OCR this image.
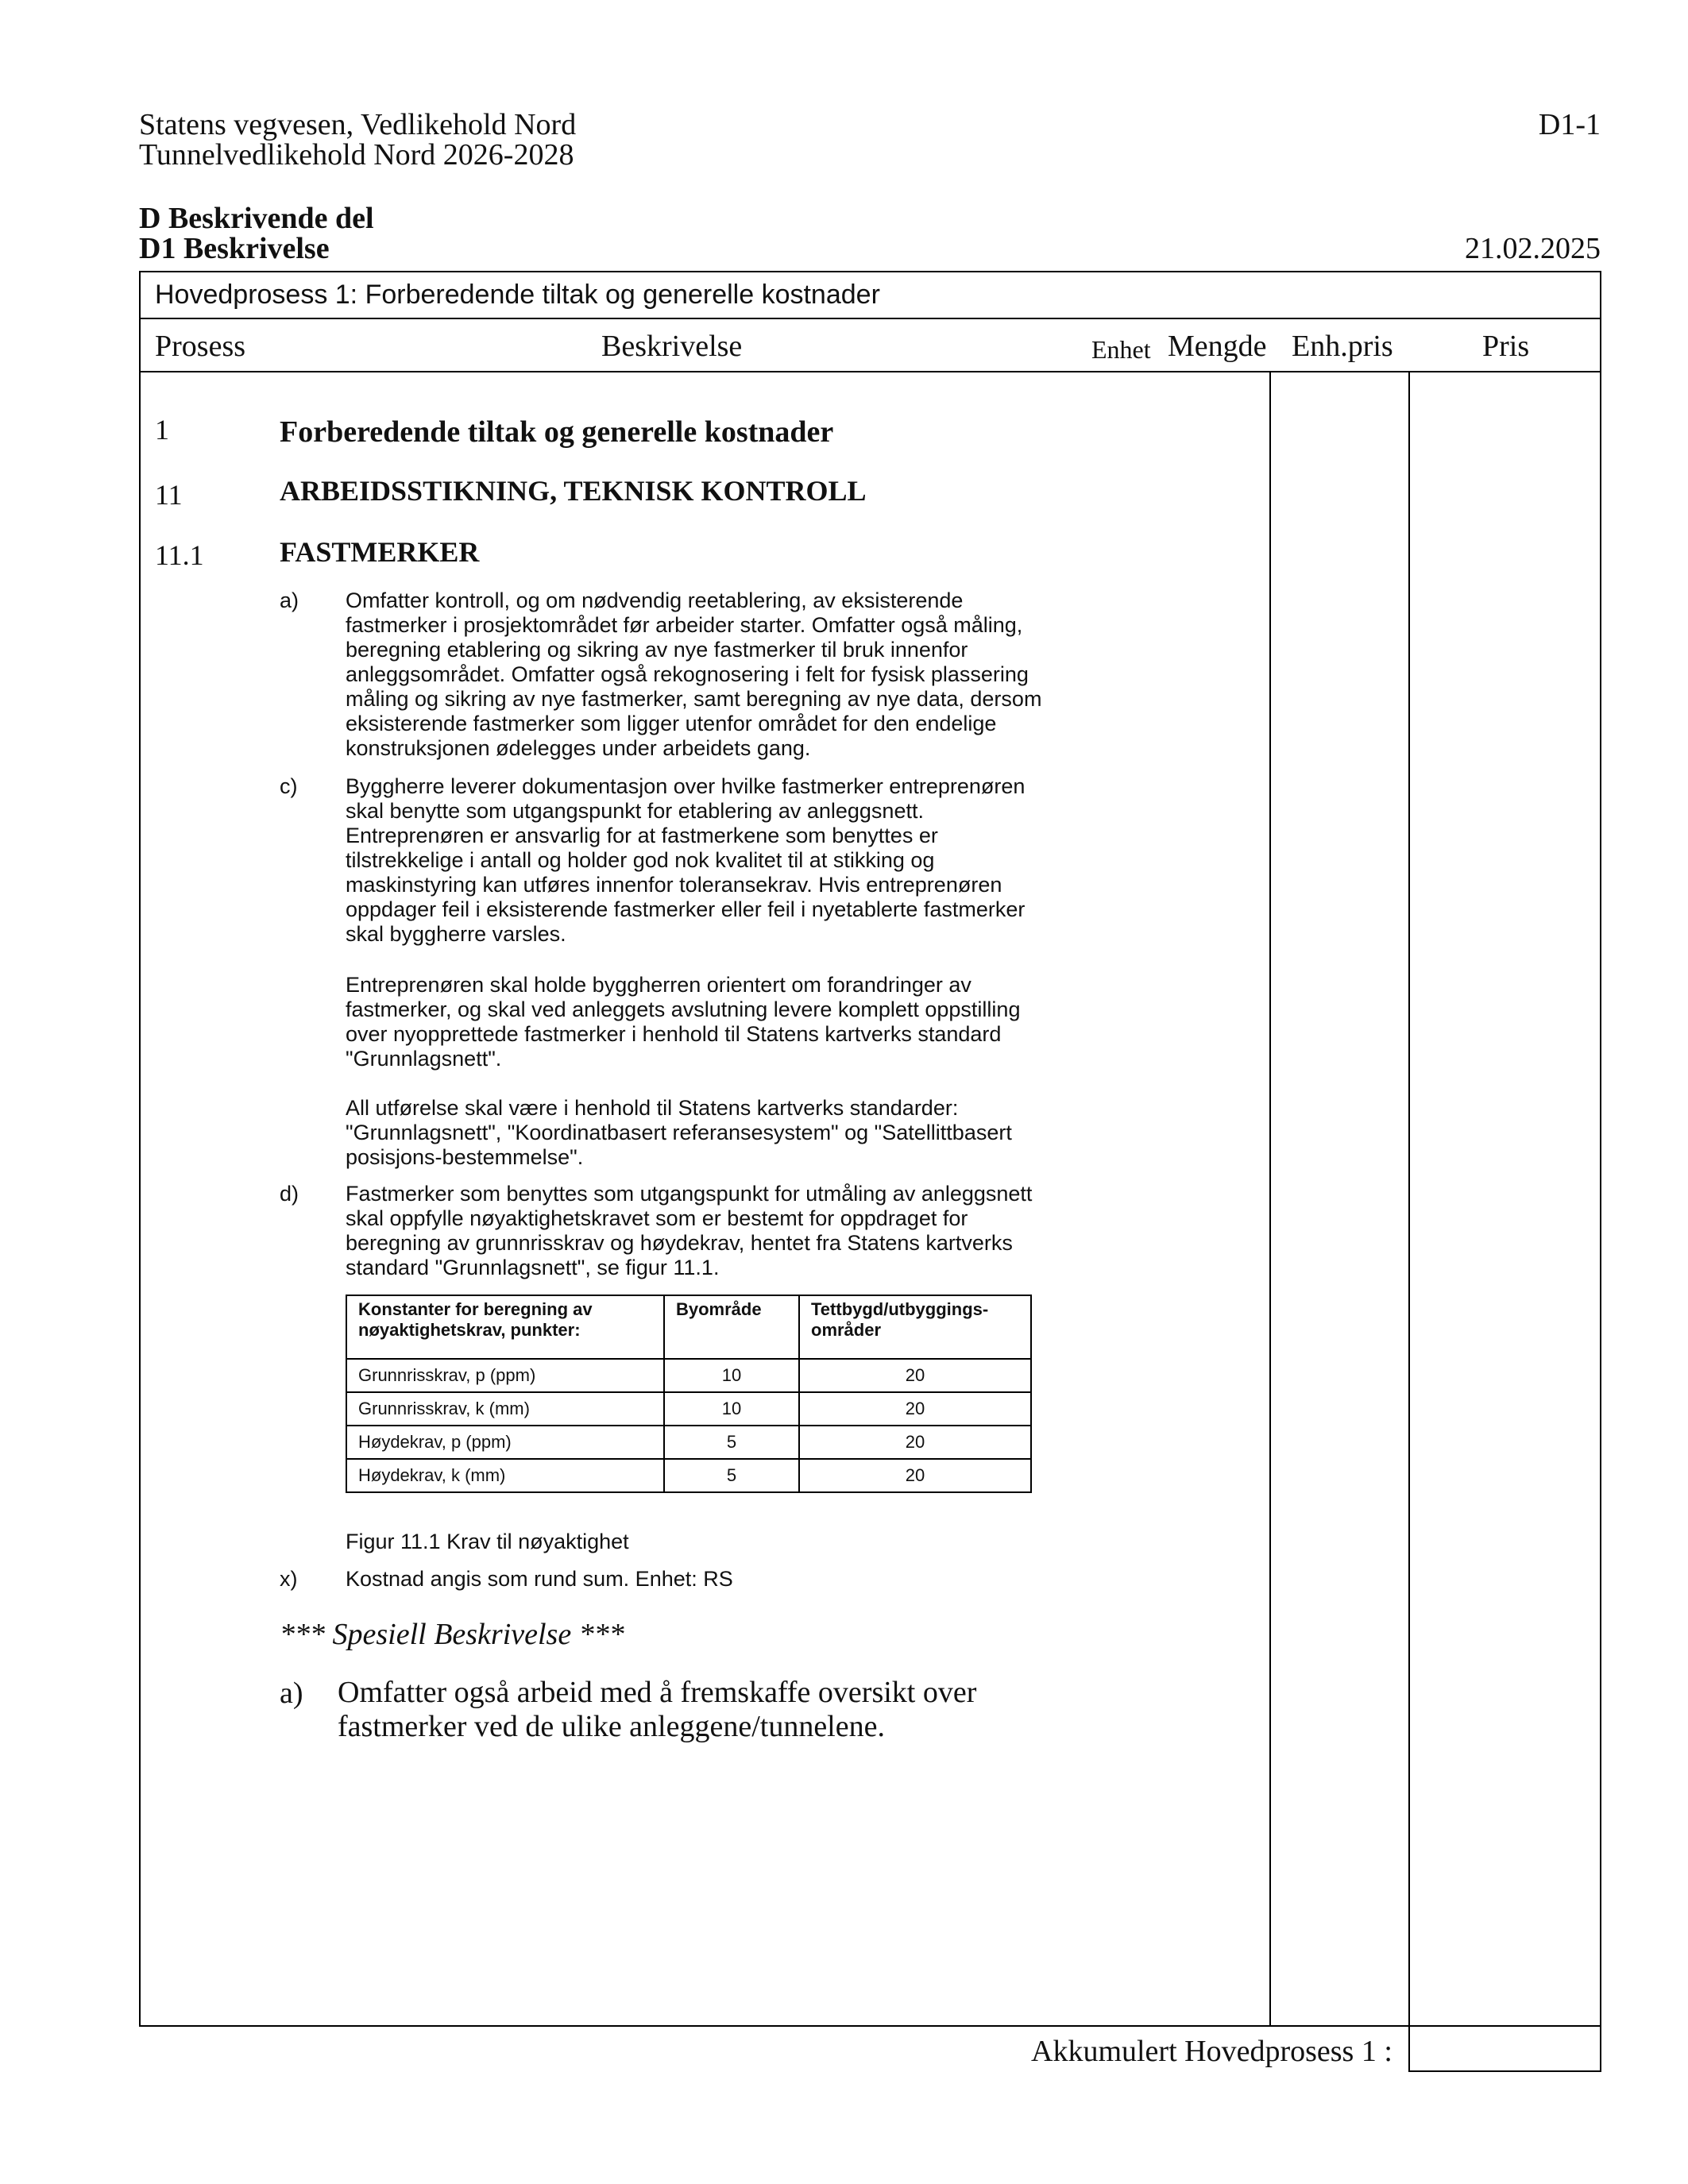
Statens vegvesen, Vedlikehold Nord
Tunnelvedlikehold Nord 2026-2028
D1-1
D Beskrivende del
D1 Beskrivelse	21.02.2025
Hovedprosess 1: Forberedende tiltak og generelle kostnader
Prosess	Beskrivelse	Enhet Mengde Enh.pris	Pris
1	Forberedende tiltak og generelle kostnader
11	ARBEIDSSTIKNING, TEKNISK KONTROLL
11.1	FASTMERKER
a) Omfatter kontroll, og om nødvendig reetablering, av eksisterende
fastmerker i prosjektområdet før arbeider starter. Omfatter også måling,
beregning etablering og sikring av nye fastmerker til bruk innenfor
anleggsområdet. Omfatter også rekognosering i felt for fysisk plassering
måling og sikring av nye fastmerker, samt beregning av nye data, dersom
eksisterende fastmerker som ligger utenfor området for den endelige
konstruksjonen ødelegges under arbeidets gang.
c) Byggherre leverer dokumentasjon over hvilke fastmerker entreprenøren
skal benytte som utgangspunkt for etablering av anleggsnett.
Entreprenøren er ansvarlig for at fastmerkene som benyttes er
tilstrekkelige i antall og holder god nok kvalitet til at stikking og
maskinstyring kan utføres innenfor toleransekrav. Hvis entreprenøren
oppdager feil i eksisterende fastmerker eller feil i nyetablerte fastmerker
skal byggherre varsles.
Entreprenøren skal holde byggherren orientert om forandringer av
fastmerker, og skal ved anleggets avslutning levere komplett oppstilling
over nyopprettede fastmerker i henhold til Statens kartverks standard
"Grunnlagsnett".
All utførelse skal være i henhold til Statens kartverks standarder:
"Grunnlagsnett", "Koordinatbasert referansesystem" og "Satellittbasert
posisjons-bestemmelse".
d) Fastmerker som benyttes som utgangspunkt for utmåling av anleggsnett
skal oppfylle nøyaktighetskravet som er bestemt for oppdraget for
beregning av grunnrisskrav og høydekrav, hentet fra Statens kartverks
standard "Grunnlagsnett", se figur 11.1.
Konstanter for beregning av
nøyaktighetskrav, punkter:	Byområde	Tettbygd/utbyggings-
områder
Grunnrisskrav, p (ppm)	10	20
Grunnrisskrav, k (mm)	10	20
Høydekrav, p (ppm)	5	20
Høydekrav, k (mm)	5	20
Figur 11.1 Krav til nøyaktighet
x) Kostnad angis som rund sum. Enhet: RS
*** Spesiell Beskrivelse ***
a) Omfatter også arbeid med å fremskaffe oversikt over
fastmerker ved de ulike anleggene/tunnelene.
Akkumulert Hovedprosess 1 :
